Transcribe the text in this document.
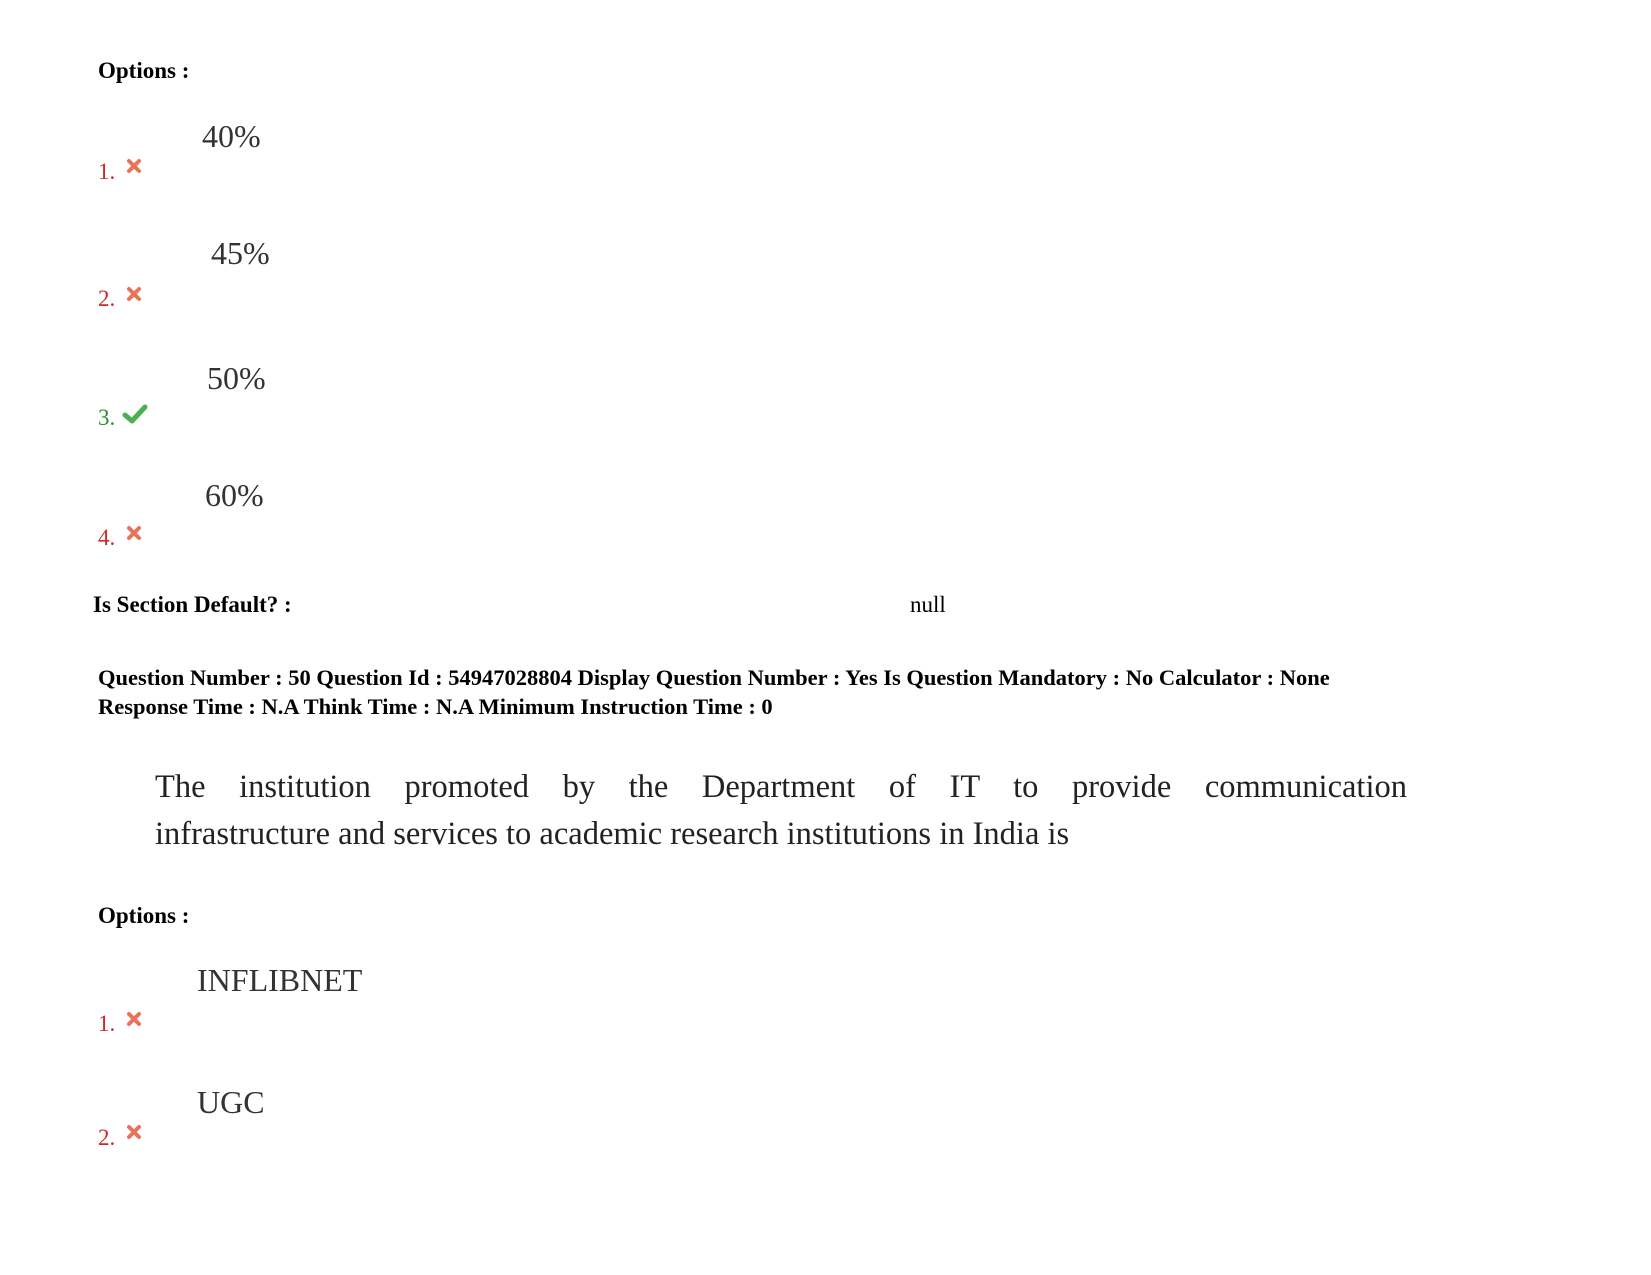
Options :
40%
1.
45%
2.
50%
3.
60%
4.
Is Section Default? :	null
Question Number : 50 Question Id : 54947028804 Display Question Number : Yes Is Question Mandatory : No Calculator : None
Response Time : N.A Think Time : N.A Minimum Instruction Time : 0
The institution promoted by the Department of IT to provide communication
infrastructure and services to academic research institutions in India is
Options :
INFLIBNET
1.
UGC
2.
